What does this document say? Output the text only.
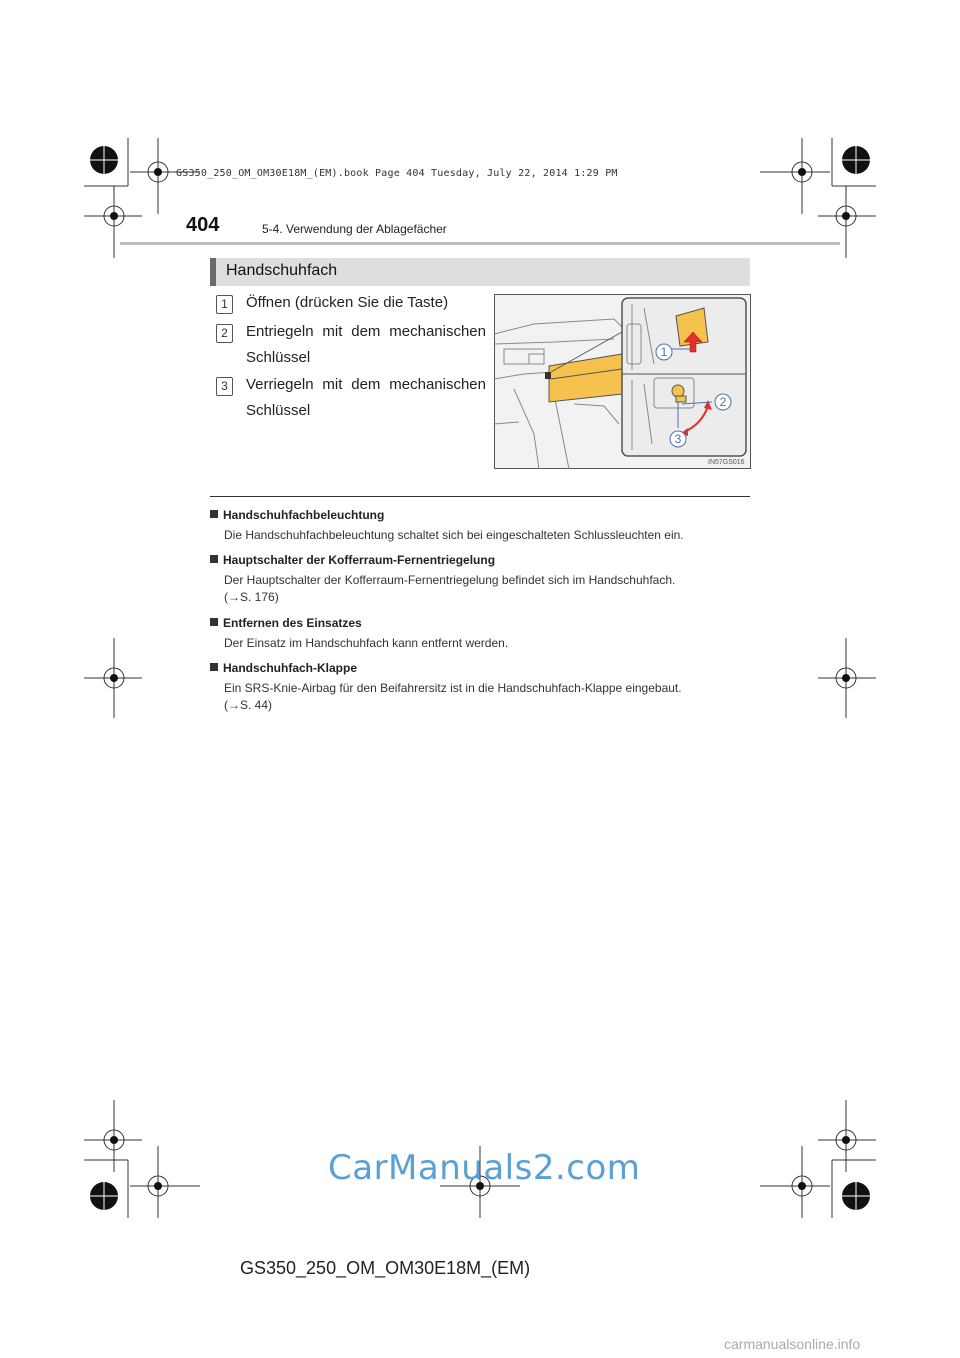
GS350_250_OM_OM30E18M_(EM).book Page 404 Tuesday, July 22, 2014 1:29 PM
404	5-4. Verwendung der Ablagefächer
Handschuhfach
1	Öffnen (drücken Sie die Taste)
2	Entriegeln mit dem mechanischen Schlüssel
3	Verriegeln mit dem mechanischen Schlüssel
1
2
3
IN57GS016
Handschuhfachbeleuchtung
Die Handschuhfachbeleuchtung schaltet sich bei eingeschalteten Schlussleuchten ein.
Hauptschalter der Kofferraum-Fernentriegelung
Der Hauptschalter der Kofferraum-Fernentriegelung befindet sich im Handschuhfach.
(→S. 176)
Entfernen des Einsatzes
Der Einsatz im Handschuhfach kann entfernt werden.
Handschuhfach-Klappe
Ein SRS-Knie-Airbag für den Beifahrersitz ist in die Handschuhfach-Klappe eingebaut.
(→S. 44)
CarManuals2.com
GS350_250_OM_OM30E18M_(EM)
carmanualsonline.info
